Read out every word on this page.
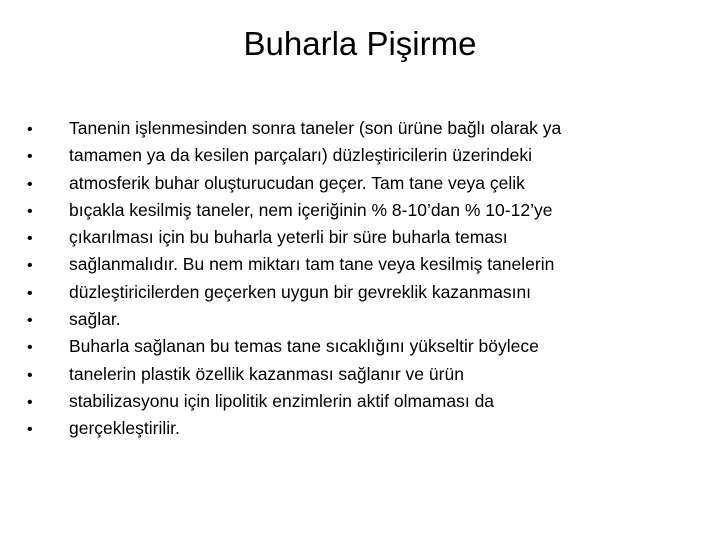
Buharla Pişirme
•	Tanenin işlenmesinden sonra taneler (son ürüne bağlı olarak ya
•	tamamen ya da kesilen parçaları) düzleştiricilerin üzerindeki
•	atmosferik buhar oluşturucudan geçer. Tam tane veya çelik
•	bıçakla kesilmiş taneler, nem içeriğinin % 8-10’dan % 10-12’ye
•	çıkarılması için bu buharla yeterli bir süre buharla teması
•	sağlanmalıdır. Bu nem miktarı tam tane veya kesilmiş tanelerin
•	düzleştiricilerden geçerken uygun bir gevreklik kazanmasını
•	sağlar.
•	Buharla sağlanan bu temas tane sıcaklığını yükseltir böylece
•	tanelerin plastik özellik kazanması sağlanır ve ürün
•	stabilizasyonu için lipolitik enzimlerin aktif olmaması da
•	gerçekleştirilir.
